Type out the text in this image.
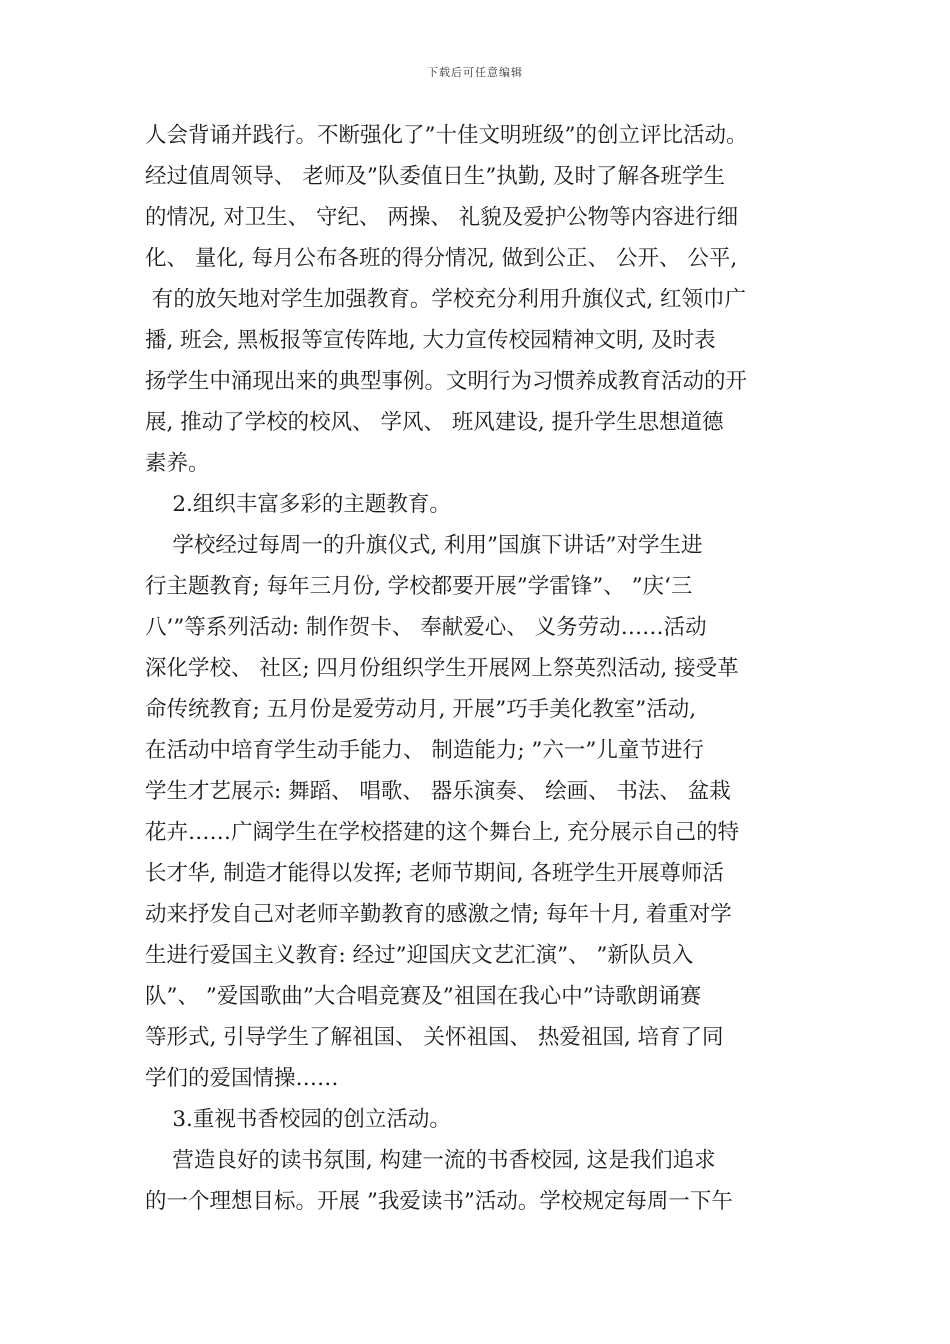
下载后可任意编辑
人会背诵并践行。不断强化了”十佳文明班级”的创立评比活动。
经过值周领导、 老师及”队委值日生”执勤, 及时了解各班学生
的情况, 对卫生、 守纪、 两操、 礼貌及爱护公物等内容进行细
化、 量化, 每月公布各班的得分情况, 做到公正、 公开、 公平,
有的放矢地对学生加强教育。学校充分利用升旗仪式, 红领巾广
播, 班会, 黑板报等宣传阵地, 大力宣传校园精神文明, 及时表
扬学生中涌现出来的典型事例。文明行为习惯养成教育活动的开
展, 推动了学校的校风、 学风、 班风建设, 提升学生思想道德
素养。
2.组织丰富多彩的主题教育。
学校经过每周一的升旗仪式, 利用”国旗下讲话”对学生进
行主题教育; 每年三月份, 学校都要开展”学雷锋”、 ”庆‘三
八’”等系列活动: 制作贺卡、 奉献爱心、 义务劳动……活动
深化学校、 社区; 四月份组织学生开展网上祭英烈活动, 接受革
命传统教育; 五月份是爱劳动月, 开展”巧手美化教室”活动,
在活动中培育学生动手能力、 制造能力; ”六一”儿童节进行
学生才艺展示: 舞蹈、 唱歌、 器乐演奏、 绘画、 书法、 盆栽
花卉……广阔学生在学校搭建的这个舞台上, 充分展示自己的特
长才华, 制造才能得以发挥; 老师节期间, 各班学生开展尊师活
动来抒发自己对老师辛勤教育的感激之情; 每年十月, 着重对学
生进行爱国主义教育: 经过”迎国庆文艺汇演”、 ”新队员入
队”、 ”爱国歌曲”大合唱竞赛及”祖国在我心中”诗歌朗诵赛
等形式, 引导学生了解祖国、 关怀祖国、 热爱祖国, 培育了同
学们的爱国情操……
3.重视书香校园的创立活动。
营造良好的读书氛围, 构建一流的书香校园, 这是我们追求
的一个理想目标。开展 ”我爱读书”活动。学校规定每周一下午
